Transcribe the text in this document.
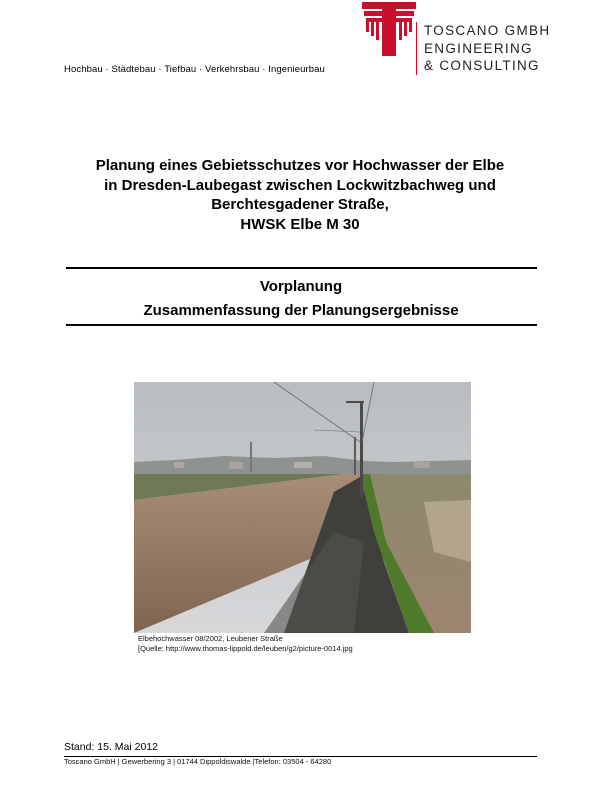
Hochbau · Städtebau · Tiefbau · Verkehrsbau · Ingenieurbau
TOSCANO GMBH
ENGINEERING
& CONSULTING
Planung eines Gebietsschutzes vor Hochwasser der Elbe
in Dresden-Laubegast zwischen Lockwitzbachweg und
Berchtesgadener Straße,
HWSK Elbe M 30
Vorplanung
Zusammenfassung der Planungsergebnisse
Elbehochwasser 08/2002, Leubener Straße
[Quelle: http://www.thomas-lippold.de/leuben/g2/picture-0014.jpg
Stand: 15. Mai 2012
Toscano GmbH | Gewerbering 3 | 01744 Dippoldiswalde |Telefon: 03504 - 64280
